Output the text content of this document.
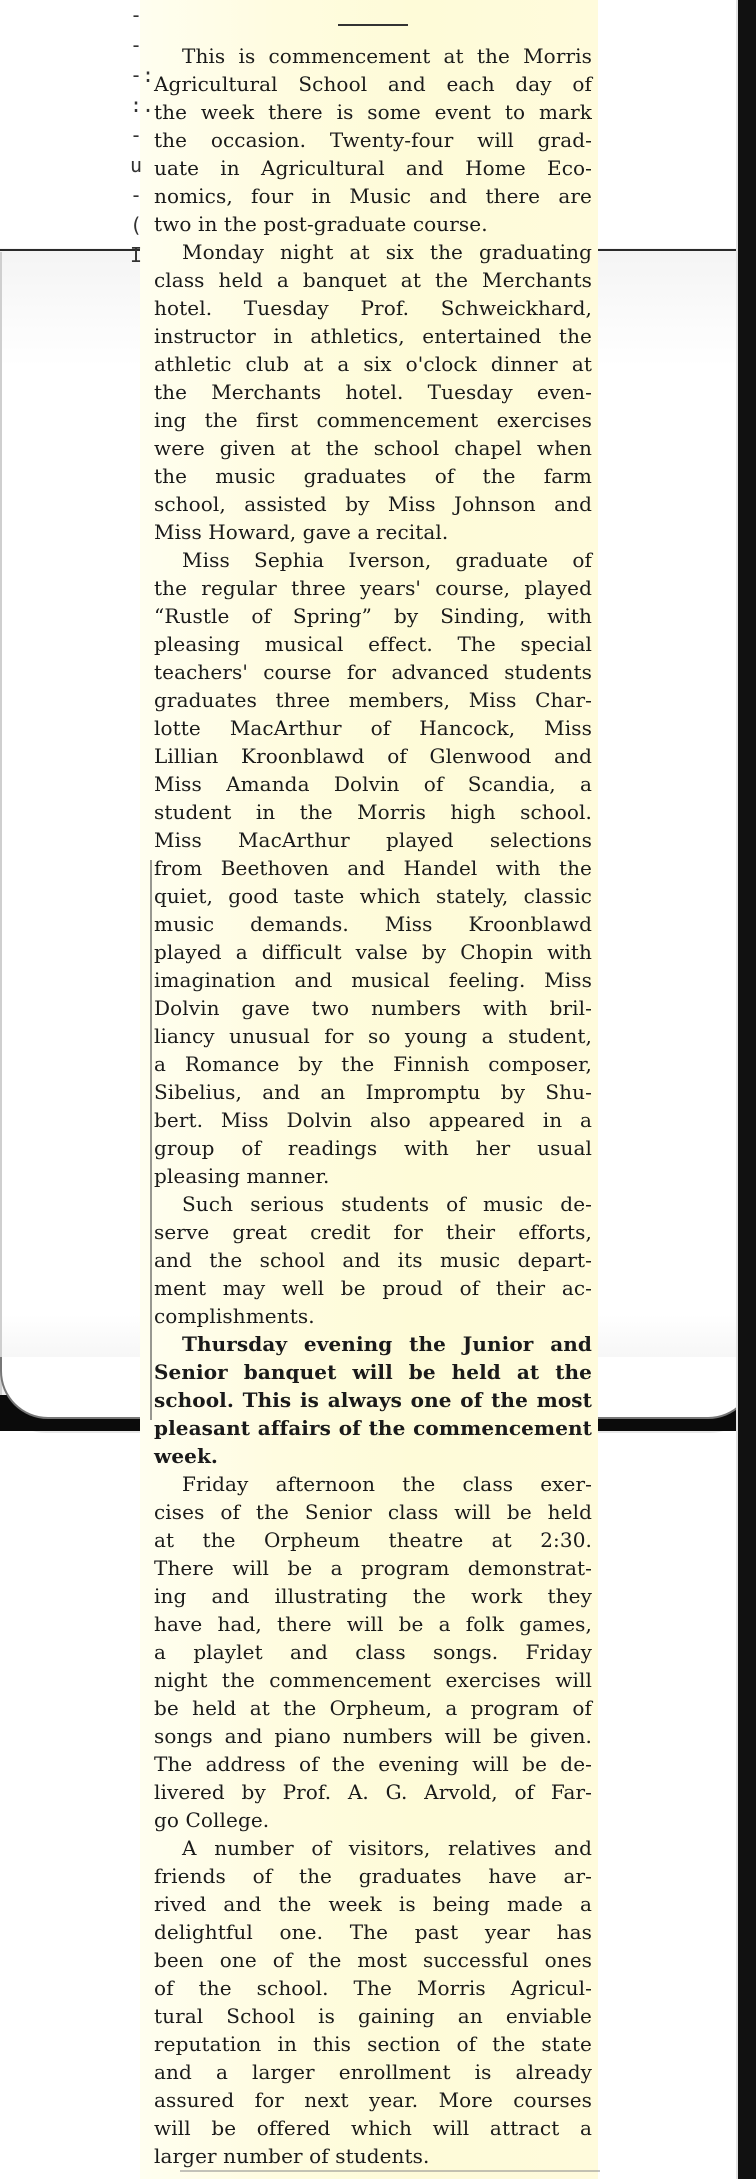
-
-
-:
:.
-
u
-(
I
This is commencement at the Morris
Agricultural School and each day of
the week there is some event to mark
the occasion. Twenty-four will grad-
uate in Agricultural and Home Eco-
nomics, four in Music and there are
two in the post-graduate course.
Monday night at six the graduating
class held a banquet at the Merchants
hotel. Tuesday Prof. Schweickhard,
instructor in athletics, entertained the
athletic club at a six o'clock dinner at
the Merchants hotel. Tuesday even-
ing the first commencement exercises
were given at the school chapel when
the music graduates of the farm
school, assisted by Miss Johnson and
Miss Howard, gave a recital.
Miss Sephia Iverson, graduate of
the regular three years' course, played
“Rustle of Spring” by Sinding, with
pleasing musical effect. The special
teachers' course for advanced students
graduates three members, Miss Char-
lotte MacArthur of Hancock, Miss
Lillian Kroonblawd of Glenwood and
Miss Amanda Dolvin of Scandia, a
student in the Morris high school.
Miss MacArthur played selections
from Beethoven and Handel with the
quiet, good taste which stately, classic
music demands. Miss Kroonblawd
played a difficult valse by Chopin with
imagination and musical feeling. Miss
Dolvin gave two numbers with bril-
liancy unusual for so young a student,
a Romance by the Finnish composer,
Sibelius, and an Impromptu by Shu-
bert. Miss Dolvin also appeared in a
group of readings with her usual
pleasing manner.
Such serious students of music de-
serve great credit for their efforts,
and the school and its music depart-
ment may well be proud of their ac-
complishments.
Thursday evening the Junior and
Senior banquet will be held at the
school. This is always one of the most
pleasant affairs of the commencement
week.
Friday afternoon the class exer-
cises of the Senior class will be held
at the Orpheum theatre at 2:30.
There will be a program demonstrat-
ing and illustrating the work they
have had, there will be a folk games,
a playlet and class songs. Friday
night the commencement exercises will
be held at the Orpheum, a program of
songs and piano numbers will be given.
The address of the evening will be de-
livered by Prof. A. G. Arvold, of Far-
go College.
A number of visitors, relatives and
friends of the graduates have ar-
rived and the week is being made a
delightful one. The past year has
been one of the most successful ones
of the school. The Morris Agricul-
tural School is gaining an enviable
reputation in this section of the state
and a larger enrollment is already
assured for next year. More courses
will be offered which will attract a
larger number of students.
